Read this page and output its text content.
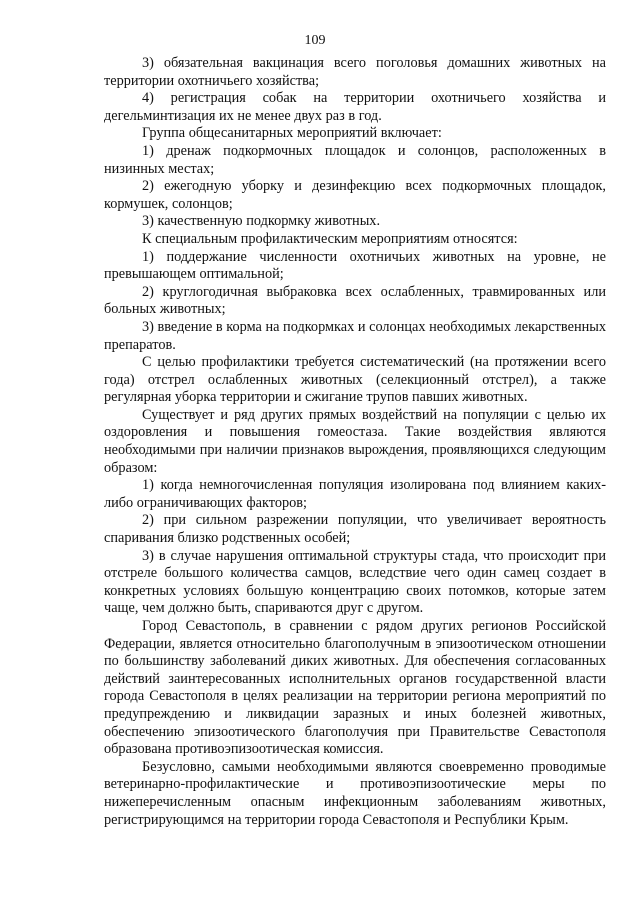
109

3) обязательная вакцинация всего поголовья домашних животных на территории охотничьего хозяйства;

4) регистрация собак на территории охотничьего хозяйства и дегельминтизация их не менее двух раз в год.

Группа общесанитарных мероприятий включает:

1) дренаж подкормочных площадок и солонцов, расположенных в низинных местах;

2) ежегодную уборку и дезинфекцию всех подкормочных площадок, кормушек, солонцов;

3) качественную подкормку животных.

К специальным профилактическим мероприятиям относятся:

1) поддержание численности охотничьих животных на уровне, не превышающем оптимальной;

2) круглогодичная выбраковка всех ослабленных, травмированных или больных животных;

3) введение в корма на подкормках и солонцах необходимых лекарственных препаратов.

С целью профилактики требуется систематический (на протяжении всего года) отстрел ослабленных животных (селекционный отстрел), а также регулярная уборка территории и сжигание трупов павших животных.

Существует и ряд других прямых воздействий на популяции с целью их оздоровления и повышения гомеостаза. Такие воздействия являются необходимыми при наличии признаков вырождения, проявляющихся следующим образом:

1) когда немногочисленная популяция изолирована под влиянием каких-либо ограничивающих факторов;

2) при сильном разрежении популяции, что увеличивает вероятность спаривания близко родственных особей;

3) в случае нарушения оптимальной структуры стада, что происходит при отстреле большого количества самцов, вследствие чего один самец создает в конкретных условиях большую концентрацию своих потомков, которые затем чаще, чем должно быть, спариваются друг с другом.

Город Севастополь, в сравнении с рядом других регионов Российской Федерации, является относительно благополучным в эпизоотическом отношении по большинству заболеваний диких животных. Для обеспечения согласованных действий заинтересованных исполнительных органов государственной власти города Севастополя в целях реализации на территории региона мероприятий по предупреждению и ликвидации заразных и иных болезней животных, обеспечению эпизоотического благополучия при Правительстве Севастополя образована противоэпизоотическая комиссия.

Безусловно, самыми необходимыми являются своевременно проводимые ветеринарно-профилактические и противоэпизоотические меры по нижеперечисленным опасным инфекционным заболеваниям животных, регистрирующимся на территории города Севастополя и Республики Крым.
